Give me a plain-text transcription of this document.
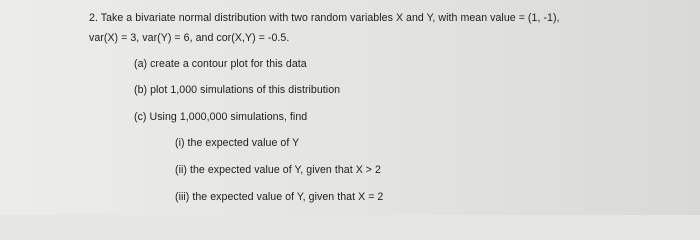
2. Take a bivariate normal distribution with two random variables X and Y, with mean value = (1, -1),
var(X) = 3, var(Y) = 6, and cor(X,Y) = -0.5.
(a) create a contour plot for this data
(b) plot 1,000 simulations of this distribution
(c) Using 1,000,000 simulations, find
(i) the expected value of Y
(ii) the expected value of Y, given that X > 2
(iii) the expected value of Y, given that X = 2
